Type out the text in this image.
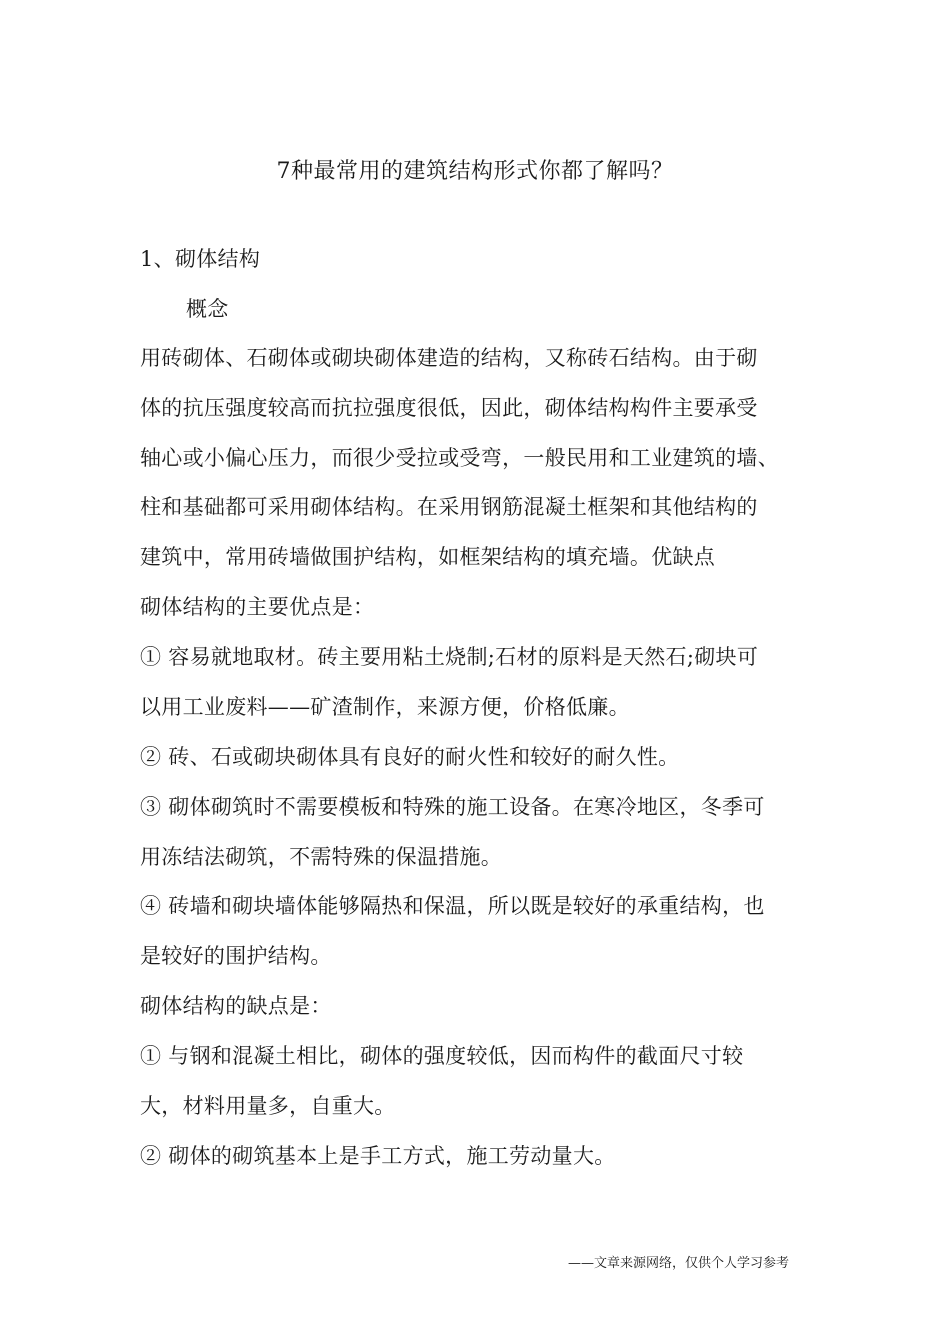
7种最常用的建筑结构形式你都了解吗？
1、砌体结构
概念
用砖砌体、石砌体或砌块砌体建造的结构，又称砖石结构。由于砌
体的抗压强度较高而抗拉强度很低，因此，砌体结构构件主要承受
轴心或小偏心压力，而很少受拉或受弯，一般民用和工业建筑的墙、
柱和基础都可采用砌体结构。在采用钢筋混凝土框架和其他结构的
建筑中，常用砖墙做围护结构，如框架结构的填充墙。优缺点
砌体结构的主要优点是：
① 容易就地取材。砖主要用粘土烧制;石材的原料是天然石;砌块可
以用工业废料——矿渣制作，来源方便，价格低廉。
② 砖、石或砌块砌体具有良好的耐火性和较好的耐久性。
③ 砌体砌筑时不需要模板和特殊的施工设备。在寒冷地区，冬季可
用冻结法砌筑，不需特殊的保温措施。
④ 砖墙和砌块墙体能够隔热和保温，所以既是较好的承重结构，也
是较好的围护结构。
砌体结构的缺点是：
① 与钢和混凝土相比，砌体的强度较低，因而构件的截面尺寸较
大，材料用量多，自重大。
② 砌体的砌筑基本上是手工方式，施工劳动量大。
——文章来源网络，仅供个人学习参考
